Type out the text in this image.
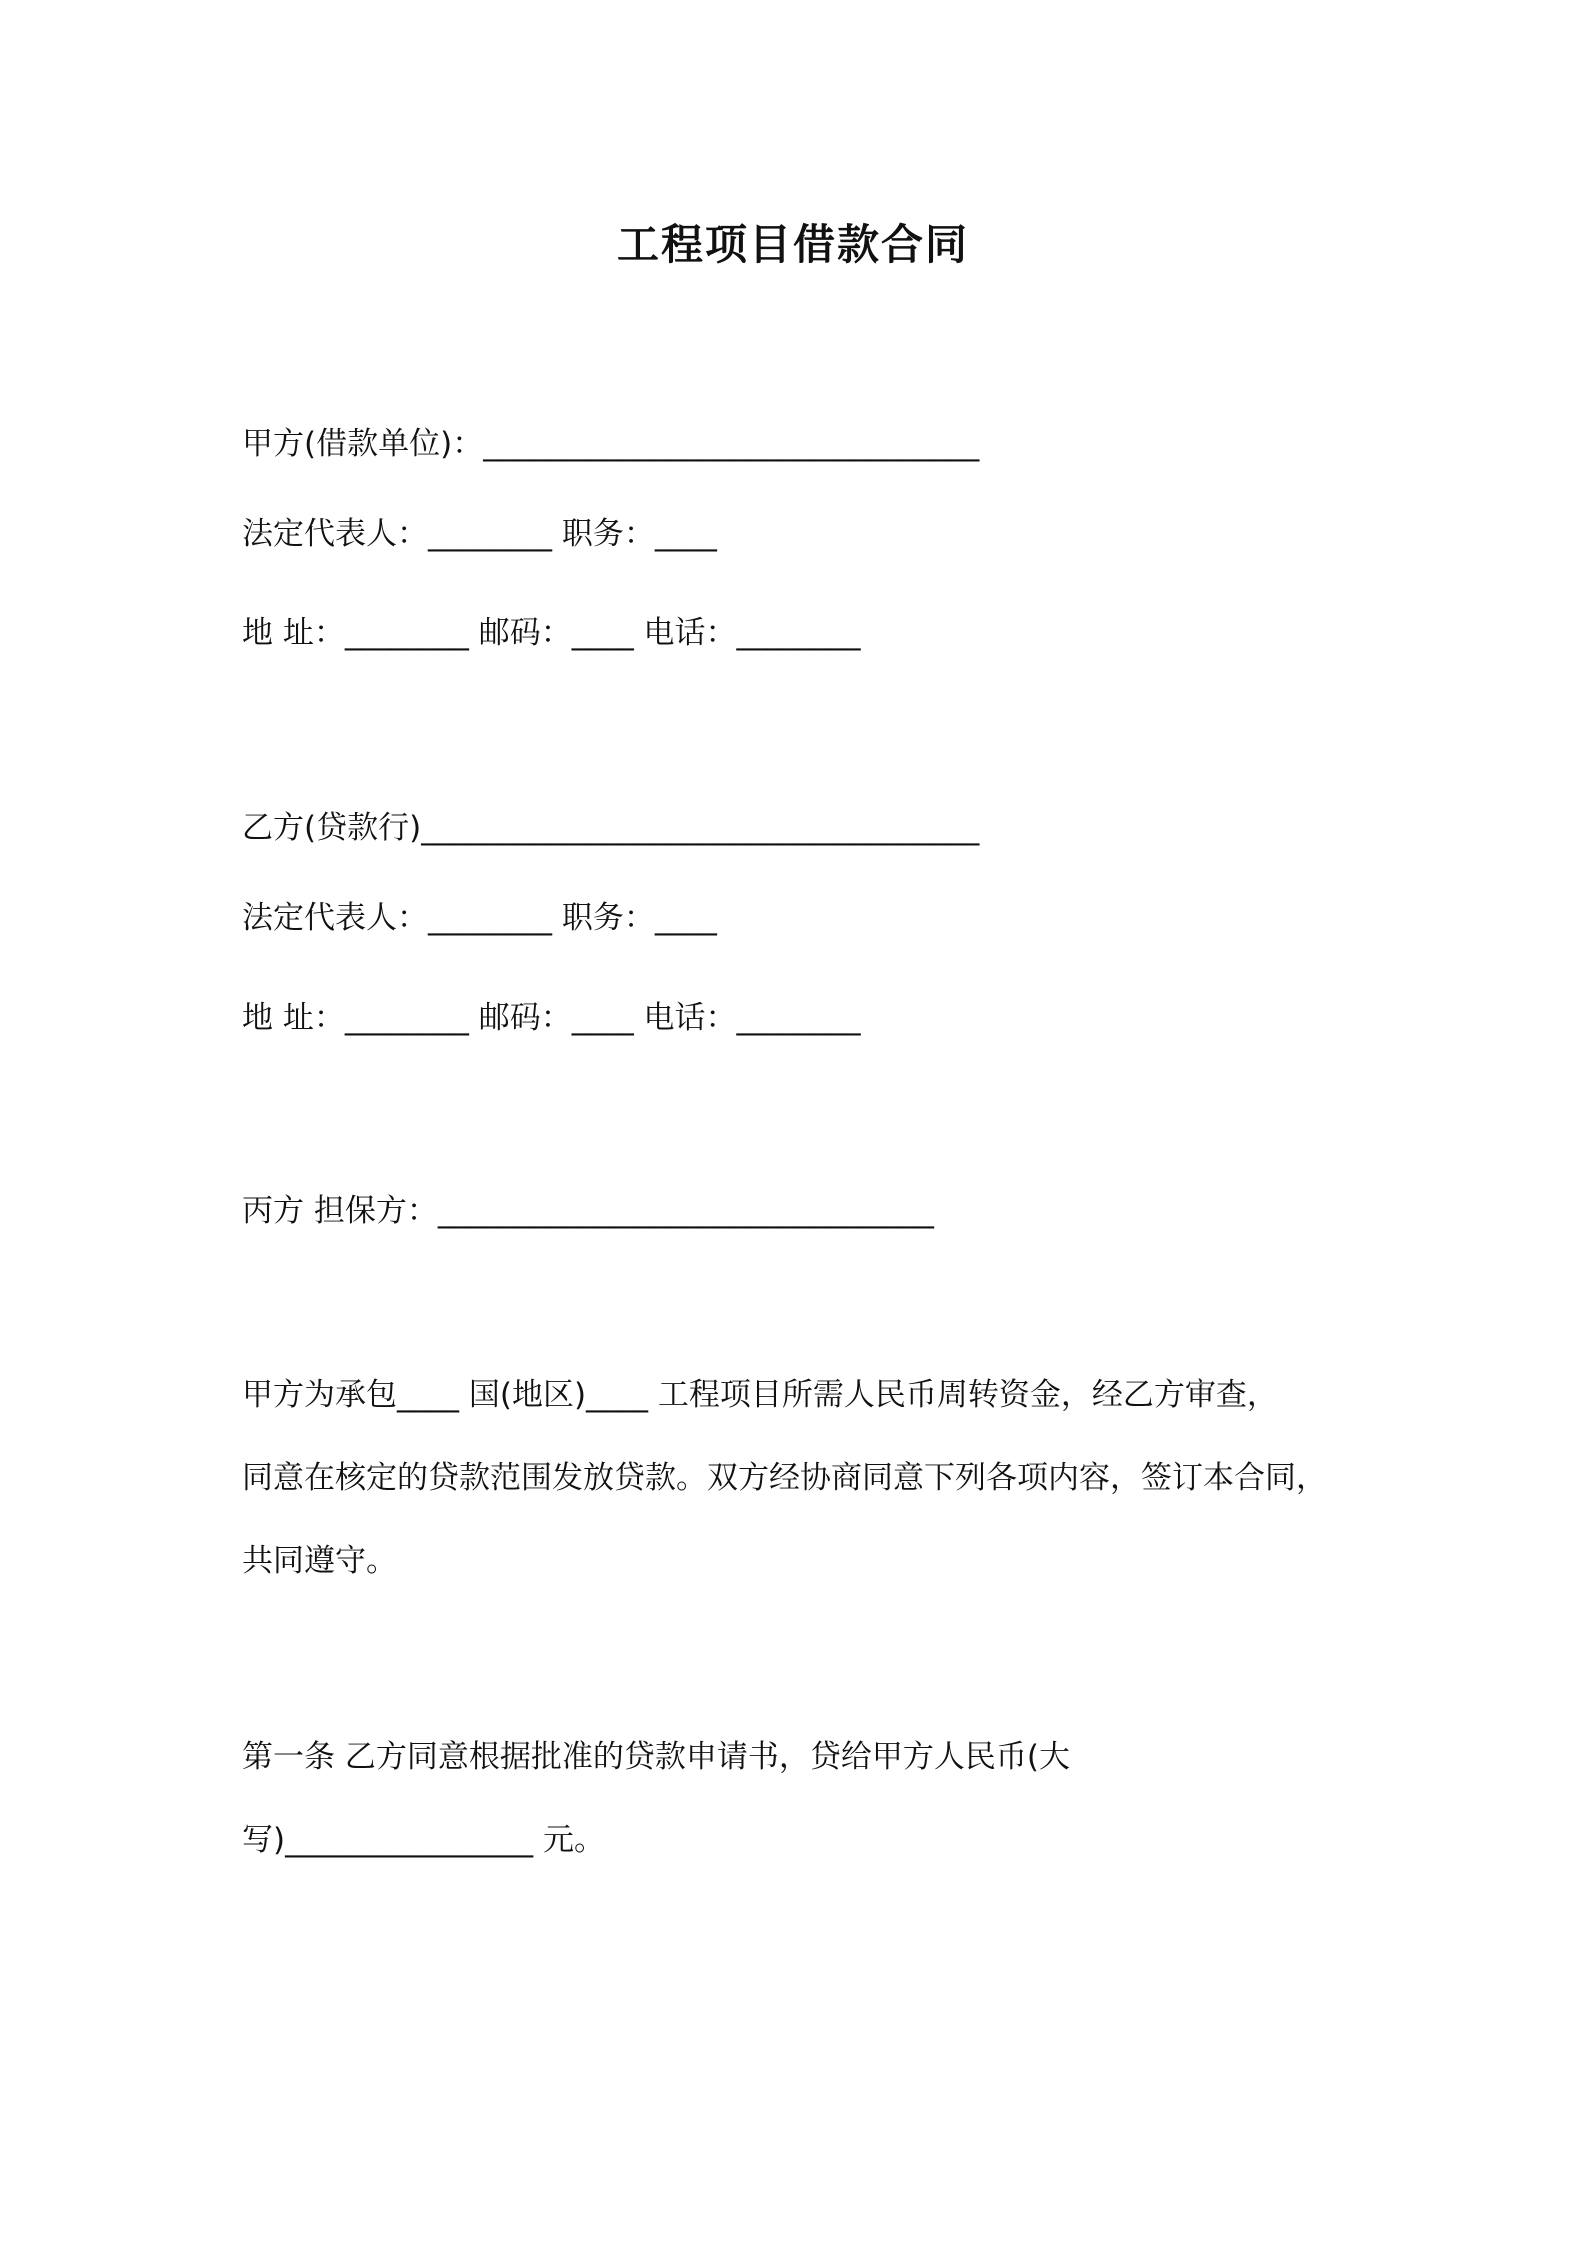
工程项目借款合同
甲方(借款单位)：________________________________
法定代表人：________ 职务：____
地 址：________ 邮码：____ 电话：________
乙方(贷款行)____________________________________
法定代表人：________ 职务：____
地 址：________ 邮码：____ 电话：________
丙方 担保方：________________________________
甲方为承包____ 国(地区)____ 工程项目所需人民币周转资金，经乙方审查，
同意在核定的贷款范围发放贷款。双方经协商同意下列各项内容，签订本合同，
共同遵守。
第一条 乙方同意根据批准的贷款申请书，贷给甲方人民币(大
写)________________ 元。
